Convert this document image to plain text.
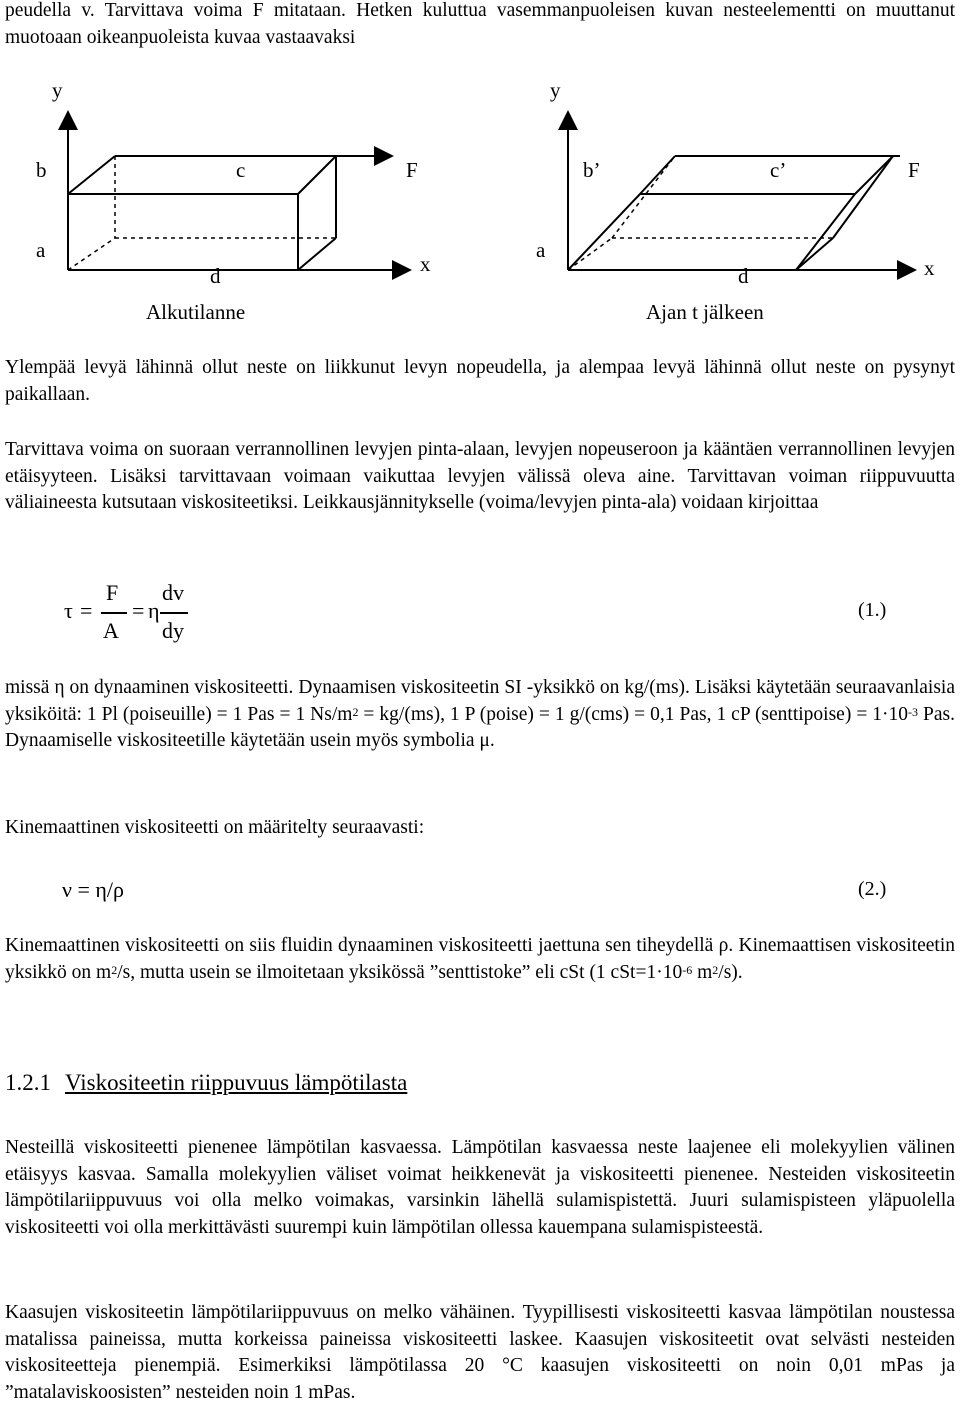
peudella v. Tarvittava voima F mitataan. Hetken kuluttua vasemmanpuoleisen kuvan nesteelementti on muuttanut muotoaan oikeanpuoleista kuvaa vastaavaksi

y
b	c	F
a
x
d
Alkutilanne
y
b’	c’	F
a
x
d
Ajan t jälkeen

Ylempää levyä lähinnä ollut neste on liikkunut levyn nopeudella, ja alempaa levyä lähinnä ollut neste on pysynyt paikallaan.

Tarvittava voima on suoraan verrannollinen levyjen pinta-alaan, levyjen nopeuseroon ja kääntäen verrannollinen levyjen etäisyyteen. Lisäksi tarvittavaan voimaan vaikuttaa levyjen välissä oleva aine. Tarvittavan voiman riippuvuutta väliaineesta kutsutaan viskositeetiksi. Leikkausjännitykselle (voima/levyjen pinta-ala) voidaan kirjoittaa

τ =
F
A
= η
dv
dy
(1.)

missä η on dynaaminen viskositeetti. Dynaamisen viskositeetin SI -yksikkö on kg/(ms). Lisäksi käytetään seuraavanlaisia yksiköitä: 1 Pl (poiseuille) = 1 Pas = 1 $Ns/m^2 = kg/(ms)$, 1 P (poise) = 1 g/(cms) = 0,1 Pas, 1 cP (senttipoise) = $1\cdot 10^{-3}$ Pas. Dynaamiselle viskositeetille käytetään usein myös symbolia μ.

Kinemaattinen viskositeetti on määritelty seuraavasti:

ν = η/ρ	(2.)

Kinemaattinen viskositeetti on siis fluidin dynaaminen viskositeetti jaettuna sen tiheydellä ρ. Kinemaattisen viskositeetin yksikkö on $m^2/s$, mutta usein se ilmoitetaan yksikössä ”senttistoke” eli cSt (1 $cSt=1\cdot 10^{-6}$ $m^2/s$).

1.2.1 Viskositeetin riippuvuus lämpötilasta

Nesteillä viskositeetti pienenee lämpötilan kasvaessa. Lämpötilan kasvaessa neste laajenee eli molekyylien välinen etäisyys kasvaa. Samalla molekyylien väliset voimat heikkenevät ja viskositeetti pienenee. Nesteiden viskositeetin lämpötilariippuvuus voi olla melko voimakas, varsinkin lähellä sulamispistettä. Juuri sulamispisteen yläpuolella viskositeetti voi olla merkittävästi suurempi kuin lämpötilan ollessa kauempana sulamispisteestä.

Kaasujen viskositeetin lämpötilariippuvuus on melko vähäinen. Tyypillisesti viskositeetti kasvaa lämpötilan noustessa matalissa paineissa, mutta korkeissa paineissa viskositeetti laskee. Kaasujen viskositeetit ovat selvästi nesteiden viskositeetteja pienempiä. Esimerkiksi lämpötilassa 20 °C kaasujen viskositeetti on noin 0,01 mPas ja ”matalaviskoosisten” nesteiden noin 1 mPas.
